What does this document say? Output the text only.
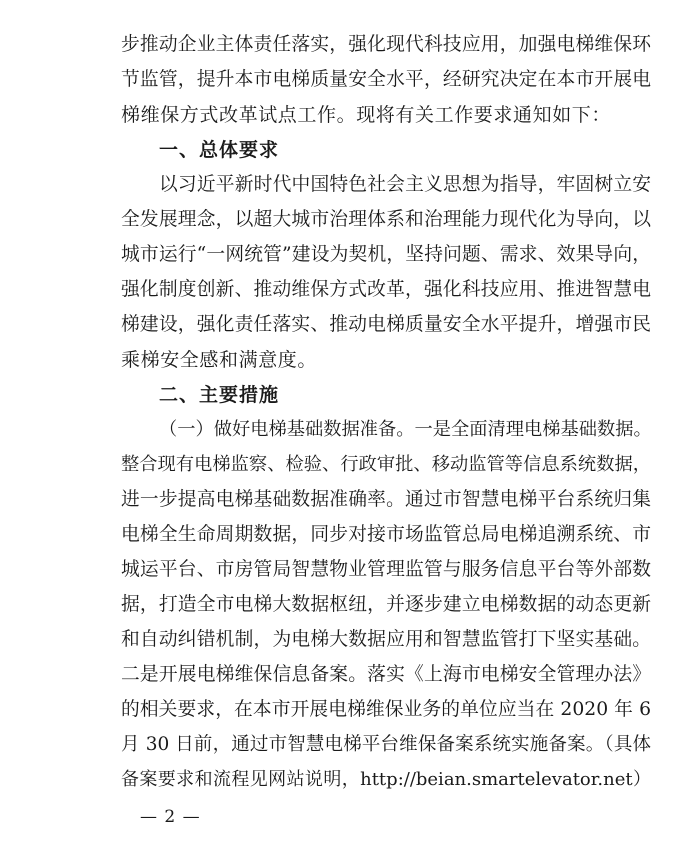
步推动企业主体责任落实，强化现代科技应用，加强电梯维保环
节监管，提升本市电梯质量安全水平，经研究决定在本市开展电
梯维保方式改革试点工作。现将有关工作要求通知如下：
一、总体要求
以习近平新时代中国特色社会主义思想为指导，牢固树立安
全发展理念，以超大城市治理体系和治理能力现代化为导向，以
城市运行“一网统管”建设为契机，坚持问题、需求、效果导向，
强化制度创新、推动维保方式改革，强化科技应用、推进智慧电
梯建设，强化责任落实、推动电梯质量安全水平提升，增强市民
乘梯安全感和满意度。
二、主要措施
（一）做好电梯基础数据准备。一是全面清理电梯基础数据。
整合现有电梯监察、检验、行政审批、移动监管等信息系统数据，
进一步提高电梯基础数据准确率。通过市智慧电梯平台系统归集
电梯全生命周期数据，同步对接市场监管总局电梯追溯系统、市
城运平台、市房管局智慧物业管理监管与服务信息平台等外部数
据，打造全市电梯大数据枢纽，并逐步建立电梯数据的动态更新
和自动纠错机制，为电梯大数据应用和智慧监管打下坚实基础。
二是开展电梯维保信息备案。落实《上海市电梯安全管理办法》
的相关要求，在本市开展电梯维保业务的单位应当在 2020 年 6
月 30 日前，通过市智慧电梯平台维保备案系统实施备案。（具体
备案要求和流程见网站说明，http://beian.smartelevator.net）
— 2 —
